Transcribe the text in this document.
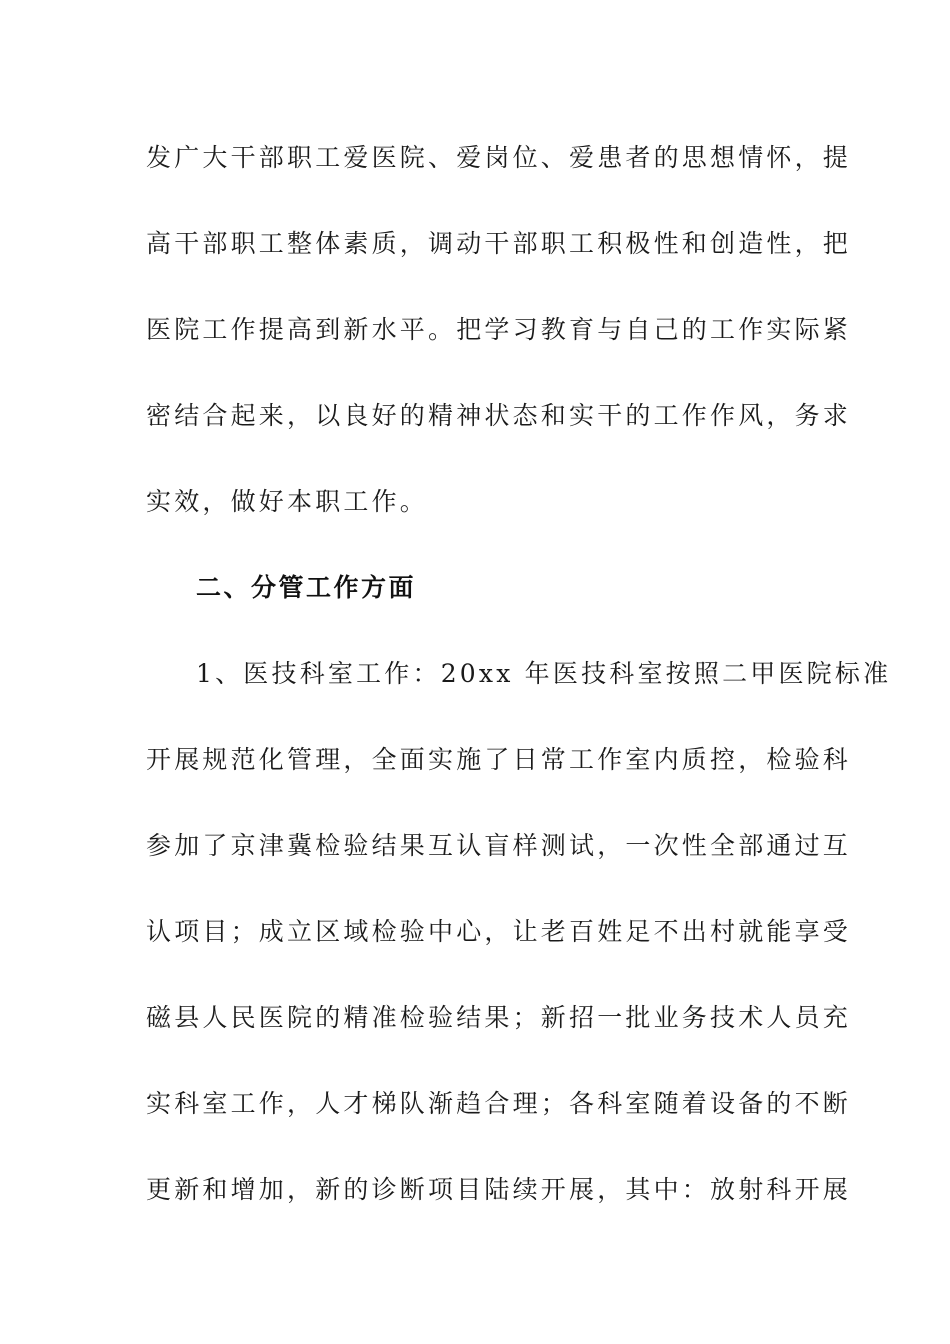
发广大干部职工爱医院、爱岗位、爱患者的思想情怀，提
高干部职工整体素质，调动干部职工积极性和创造性，把
医院工作提高到新水平。把学习教育与自己的工作实际紧
密结合起来，以良好的精神状态和实干的工作作风，务求
实效，做好本职工作。
二、分管工作方面
1、医技科室工作：20xx 年医技科室按照二甲医院标准
开展规范化管理，全面实施了日常工作室内质控，检验科
参加了京津冀检验结果互认盲样测试，一次性全部通过互
认项目；成立区域检验中心，让老百姓足不出村就能享受
磁县人民医院的精准检验结果；新招一批业务技术人员充
实科室工作，人才梯队渐趋合理；各科室随着设备的不断
更新和增加，新的诊断项目陆续开展，其中：放射科开展
